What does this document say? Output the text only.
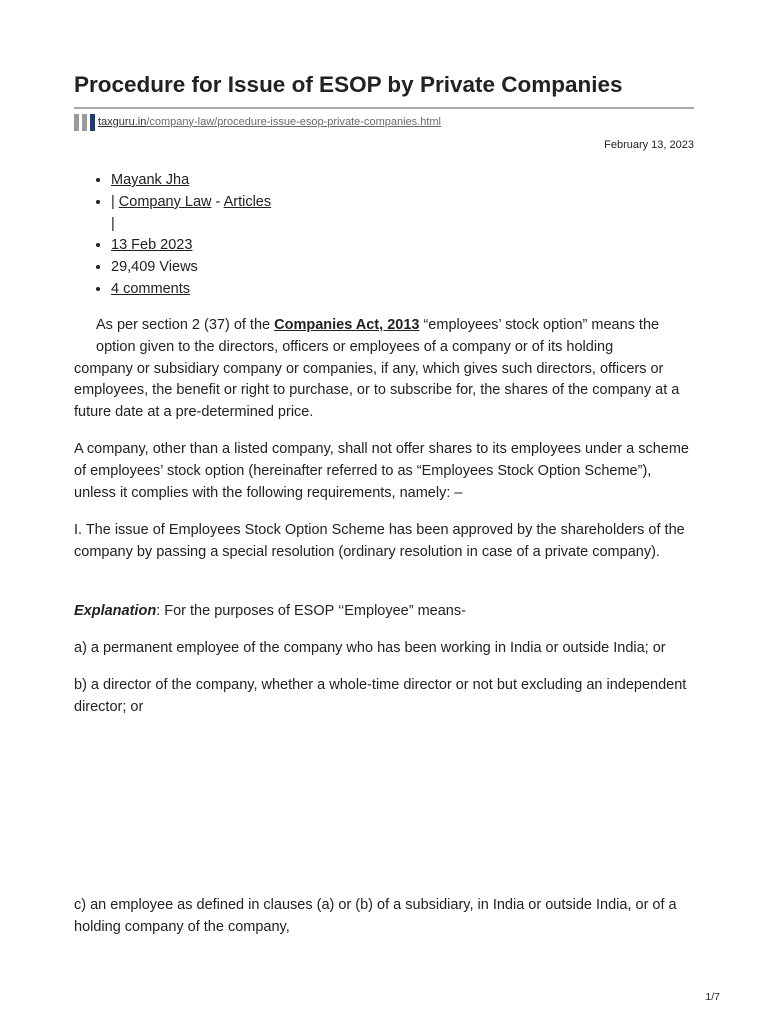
Procedure for Issue of ESOP by Private Companies
taxguru.in/company-law/procedure-issue-esop-private-companies.html
February 13, 2023
• Mayank Jha
• | Company Law - Articles
|
• 13 Feb 2023
• 29,409 Views
• 4 comments
As per section 2 (37) of the Companies Act, 2013 “employees’ stock option” means the
option given to the directors, officers or employees of a company or of its holding
company or subsidiary company or companies, if any, which gives such directors, officers or employees, the benefit or right to purchase, or to subscribe for, the shares of the company at a future date at a pre-determined price.

A company, other than a listed company, shall not offer shares to its employees under a scheme of employees’ stock option (hereinafter referred to as “Employees Stock Option Scheme”), unless it complies with the following requirements, namely: –

I. The issue of Employees Stock Option Scheme has been approved by the shareholders of the company by passing a special resolution (ordinary resolution in case of a private company).

Explanation: For the purposes of ESOP ‘‘Employee” means-

a) a permanent employee of the company who has been working in India or outside India; or

b) a director of the company, whether a whole-time director or not but excluding an independent director; or

c) an employee as defined in clauses (a) or (b) of a subsidiary, in India or outside India, or of a holding company of the company,

1/7
